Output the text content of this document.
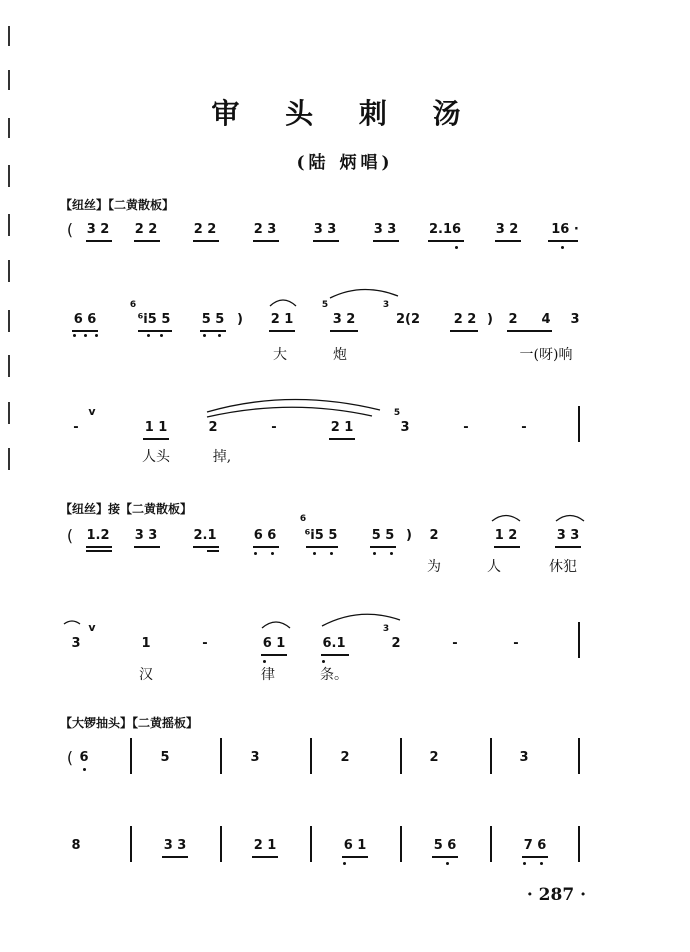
审 头 刺 汤
(陆 炳唱)
【纽丝】【二黄散板】
( 3 2 2 2	2 2	2 3	3 3	3 3	2.16	3 2	16 ·
6 6	⁶i5 5 5 5 ) 2 1	3 2	2(2	2 2 ) 2 4 3
6	5	3
大	炮	一(呀)响
-
v
1 1	2	-	2 1	3	-	-
5
人头	掉,
【纽丝】接【二黄散板】
( 1.2 3 3	2.1	6 6 ⁶i5 5	5 5 ) 2	1 2	3 3
6
为	人	休犯
3
v
1	-	6 1	6.1	2	-	-
3
汉	律	条。
【大锣抽头】【二黄摇板】
( 6	5	3	2	2	3
8	3 3	2 1	6 1	5 6	7 6
· 287 ·
